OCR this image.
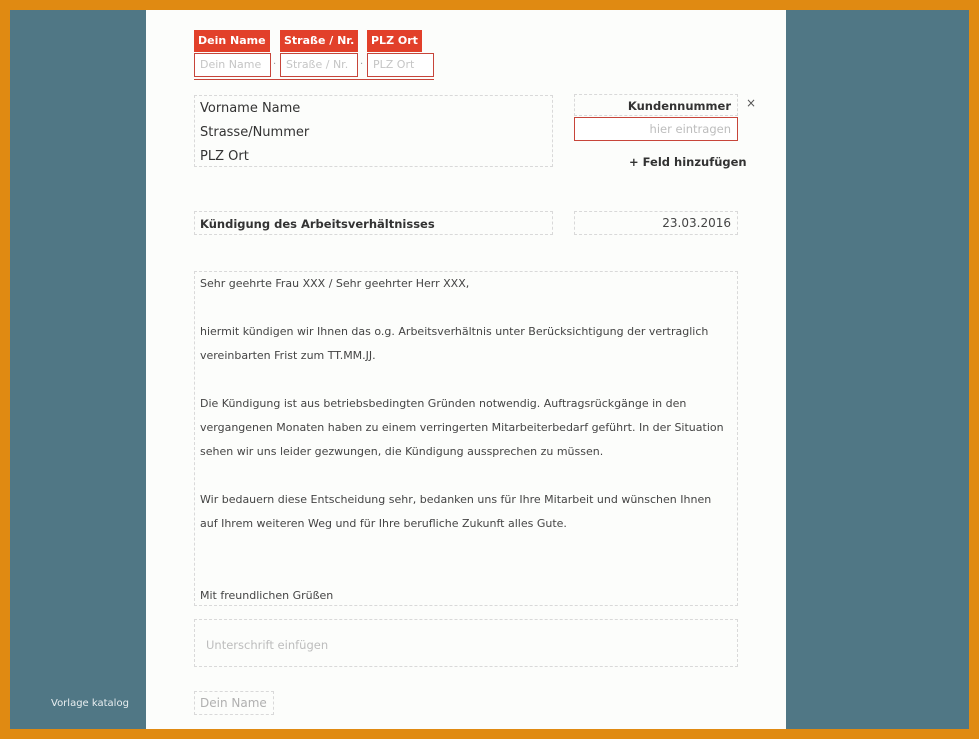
Vorlage katalog
Dein Name	Straße / Nr.	PLZ Ort
Dein Name	· Straße / Nr.	· PLZ Ort
Vorname Name
Strasse/Nummer
PLZ Ort
Kundennummer	×
hier eintragen
+ Feld hinzufügen
Kündigung des Arbeitsverhältnisses	23.03.2016
Sehr geehrte Frau XXX / Sehr geehrter Herr XXX,

hiermit kündigen wir Ihnen das o.g. Arbeitsverhältnis unter Berücksichtigung der vertraglich
vereinbarten Frist zum TT.MM.JJ.

Die Kündigung ist aus betriebsbedingten Gründen notwendig. Auftragsrückgänge in den
vergangenen Monaten haben zu einem verringerten Mitarbeiterbedarf geführt. In der Situation
sehen wir uns leider gezwungen, die Kündigung aussprechen zu müssen.

Wir bedauern diese Entscheidung sehr, bedanken uns für Ihre Mitarbeit und wünschen Ihnen
auf Ihrem weiteren Weg und für Ihre berufliche Zukunft alles Gute.

Mit freundlichen Grüßen
Unterschrift einfügen
Dein Name
